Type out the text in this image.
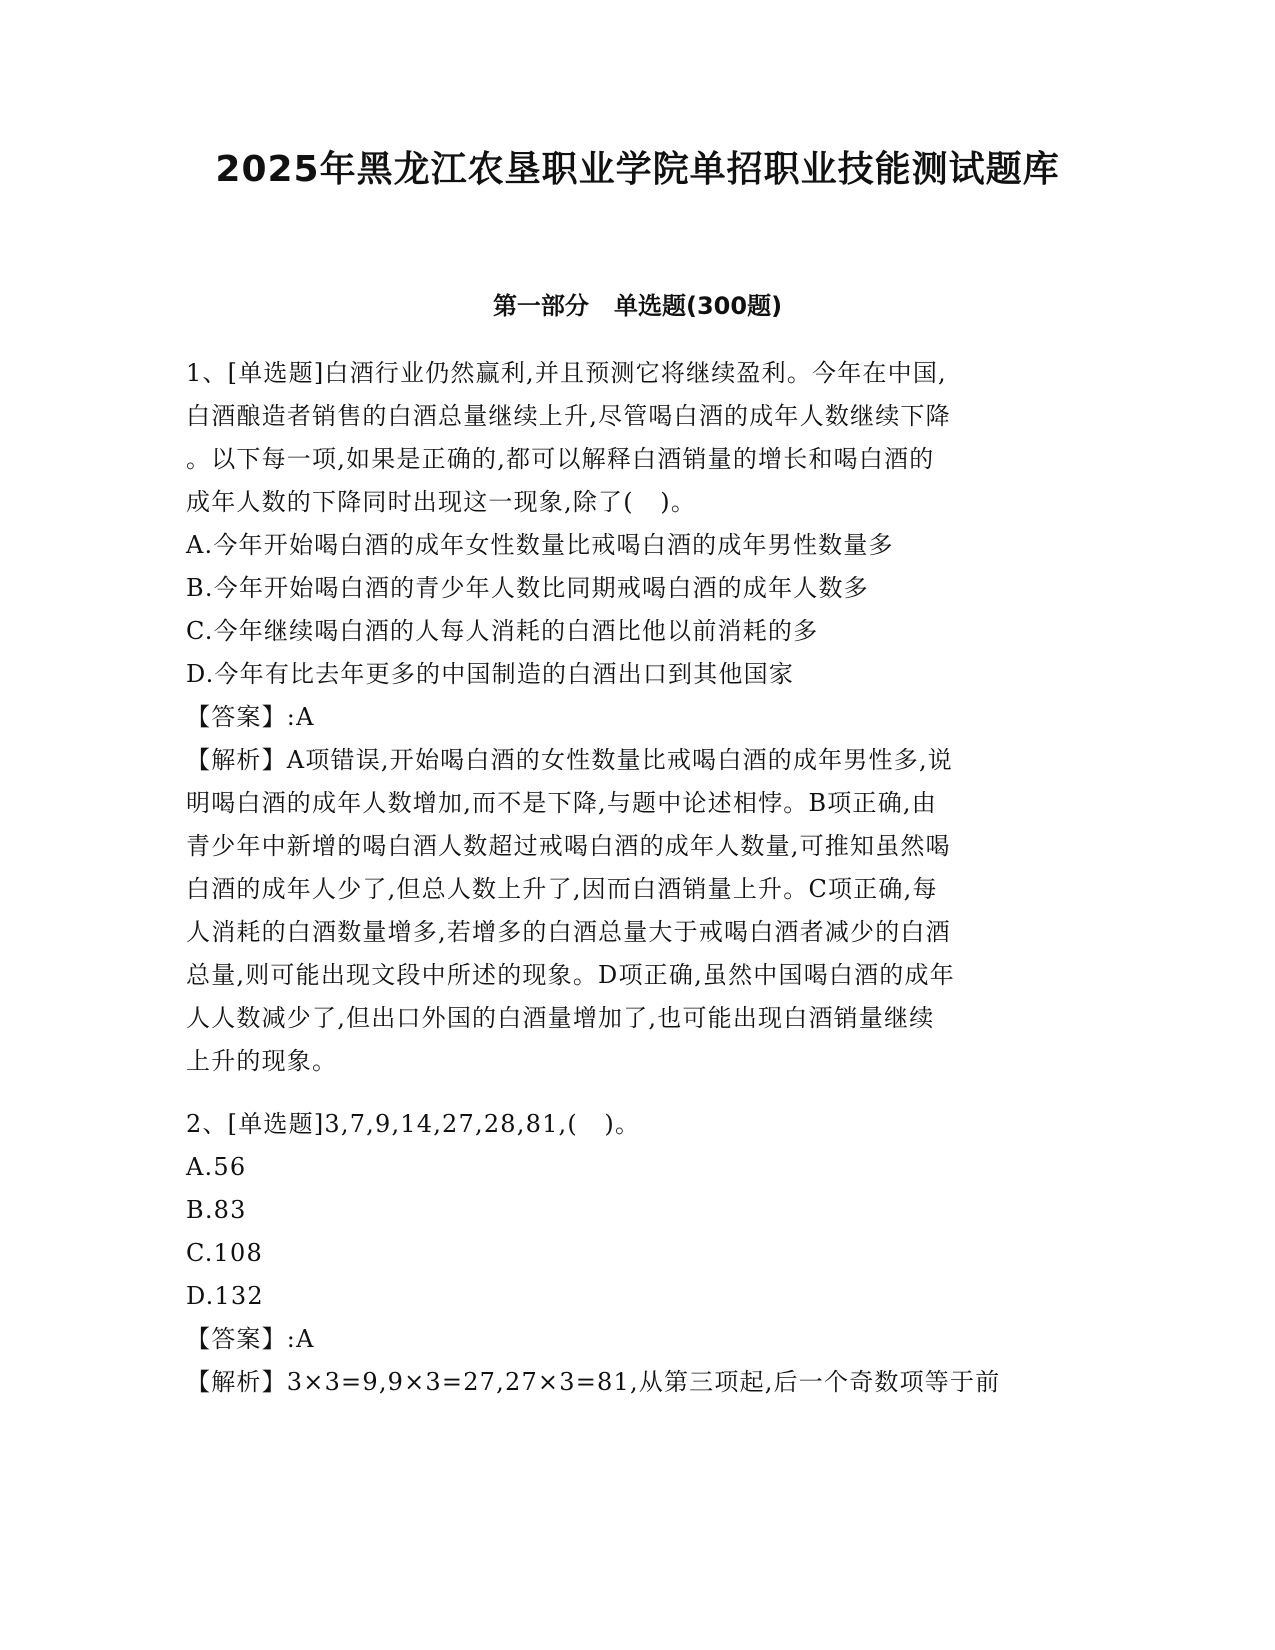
2025年黑龙江农垦职业学院单招职业技能测试题库
第一部分   单选题(300题)
1、[单选题]白酒行业仍然赢利,并且预测它将继续盈利。今年在中国,
白酒酿造者销售的白酒总量继续上升,尽管喝白酒的成年人数继续下降
。以下每一项,如果是正确的,都可以解释白酒销量的增长和喝白酒的
成年人数的下降同时出现这一现象,除了(   )。
A.今年开始喝白酒的成年女性数量比戒喝白酒的成年男性数量多
B.今年开始喝白酒的青少年人数比同期戒喝白酒的成年人数多
C.今年继续喝白酒的人每人消耗的白酒比他以前消耗的多
D.今年有比去年更多的中国制造的白酒出口到其他国家
【答案】:A
【解析】A项错误,开始喝白酒的女性数量比戒喝白酒的成年男性多,说
明喝白酒的成年人数增加,而不是下降,与题中论述相悖。B项正确,由
青少年中新增的喝白酒人数超过戒喝白酒的成年人数量,可推知虽然喝
白酒的成年人少了,但总人数上升了,因而白酒销量上升。C项正确,每
人消耗的白酒数量增多,若增多的白酒总量大于戒喝白酒者减少的白酒
总量,则可能出现文段中所述的现象。D项正确,虽然中国喝白酒的成年
人人数减少了,但出口外国的白酒量增加了,也可能出现白酒销量继续
上升的现象。
2、[单选题]3,7,9,14,27,28,81,(   )。
A.56
B.83
C.108
D.132
【答案】:A
【解析】3×3=9,9×3=27,27×3=81,从第三项起,后一个奇数项等于前
